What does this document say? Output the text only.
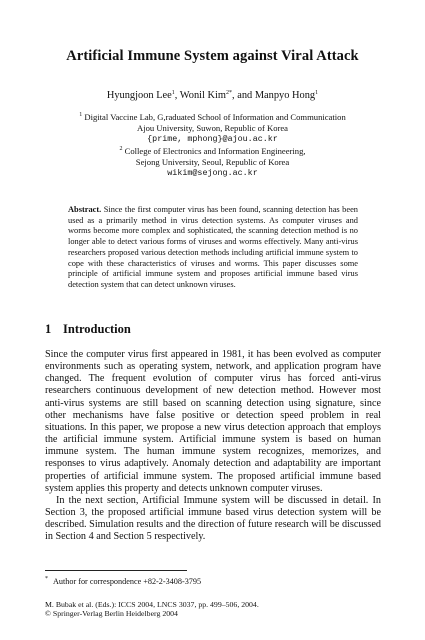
Artificial Immune System against Viral Attack
Hyungjoon Lee$^1$, Wonil Kim$^{2*}$, and Manpyo Hong$^1$
$^1$ Digital Vaccine Lab, G,raduated School of Information and Communication
Ajou University, Suwon, Republic of Korea
{prime, mphong}@ajou.ac.kr
$^2$ College of Electronics and Information Engineering,
Sejong University, Seoul, Republic of Korea
wikim@sejong.ac.kr
Abstract. Since the first computer virus has been found, scanning detection has been used as a primarily method in virus detection systems. As computer viruses and worms become more complex and sophisticated, the scanning detection method is no longer able to detect various forms of viruses and worms effectively. Many anti-virus researchers proposed various detection methods including artificial immune system to cope with these characteristics of viruses and worms. This paper discusses some principle of artificial immune system and proposes artificial immune based virus detection system that can detect unknown viruses.
1 Introduction

Since the computer virus first appeared in 1981, it has been evolved as computer environments such as operating system, network, and application program have changed. The frequent evolution of computer virus has forced anti-virus researchers continuous development of new detection method. However most anti-virus systems are still based on scanning detection using signature, since other mechanisms have false positive or detection speed problem in real situations. In this paper, we propose a new virus detection approach that employs the artificial immune system. Artificial immune system is based on human immune system. The human immune system recognizes, memorizes, and responses to virus adaptively. Anomaly detection and adaptability are important properties of artificial immune system. The proposed artificial immune based system applies this property and detects unknown computer viruses.

In the next section, Artificial Immune system will be discussed in detail. In Section 3, the proposed artificial immune based virus detection system will be described. Simulation results and the direction of future research will be discussed in Section 4 and Section 5 respectively.

* Author for correspondence +82-2-3408-3795
M. Bubak et al. (Eds.): ICCS 2004, LNCS 3037, pp. 499–506, 2004.
© Springer-Verlag Berlin Heidelberg 2004
